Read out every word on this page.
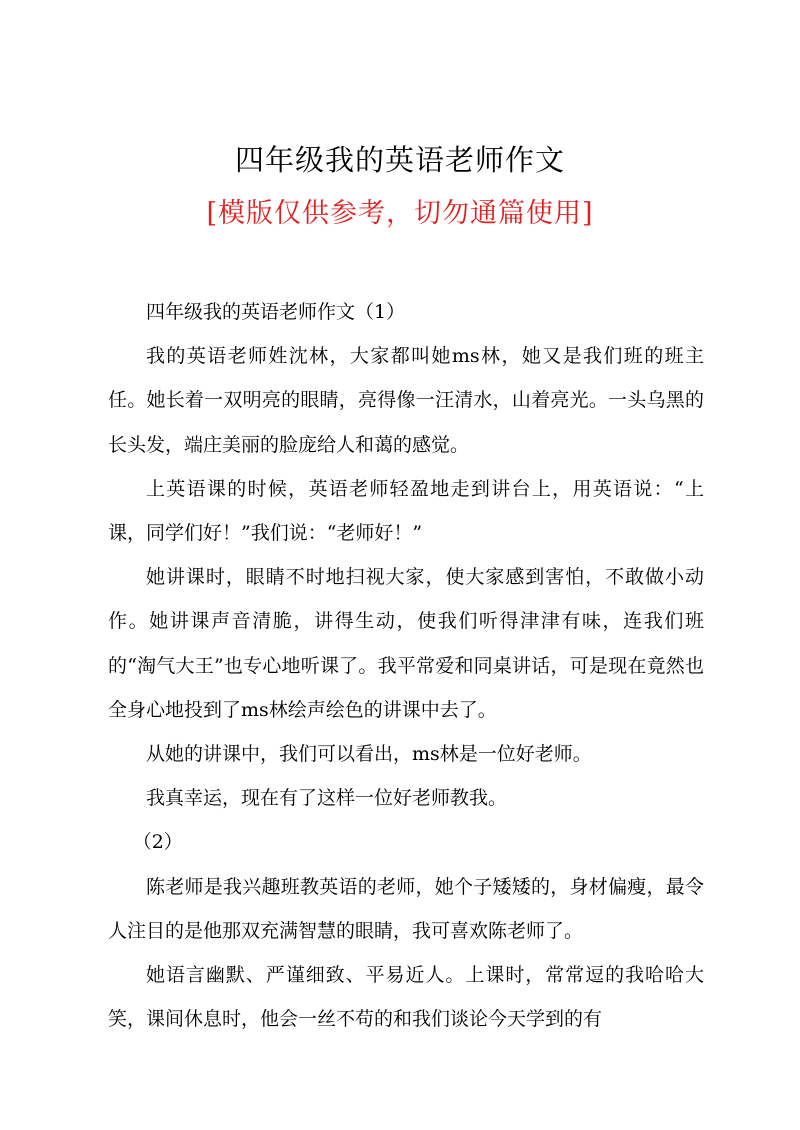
四年级我的英语老师作文
[模版仅供参考，切勿通篇使用]

四年级我的英语老师作文（1）

我的英语老师姓沈林，大家都叫她ms林，她又是我们班的班主任。她长着一双明亮的眼睛，亮得像一汪清水，山着亮光。一头乌黑的长头发，端庄美丽的脸庞给人和蔼的感觉。

上英语课的时候，英语老师轻盈地走到讲台上，用英语说：“上课，同学们好！”我们说：“老师好！”

她讲课时，眼睛不时地扫视大家，使大家感到害怕，不敢做小动作。她讲课声音清脆，讲得生动，使我们听得津津有味，连我们班的“淘气大王”也专心地听课了。我平常爱和同桌讲话，可是现在竟然也全身心地投到了ms林绘声绘色的讲课中去了。

从她的讲课中，我们可以看出，ms林是一位好老师。

我真幸运，现在有了这样一位好老师教我。

（2）

陈老师是我兴趣班教英语的老师，她个子矮矮的，身材偏瘦，最令人注目的是他那双充满智慧的眼睛，我可喜欢陈老师了。

她语言幽默、严谨细致、平易近人。上课时，常常逗的我哈哈大笑，课间休息时，他会一丝不苟的和我们谈论今天学到的有
